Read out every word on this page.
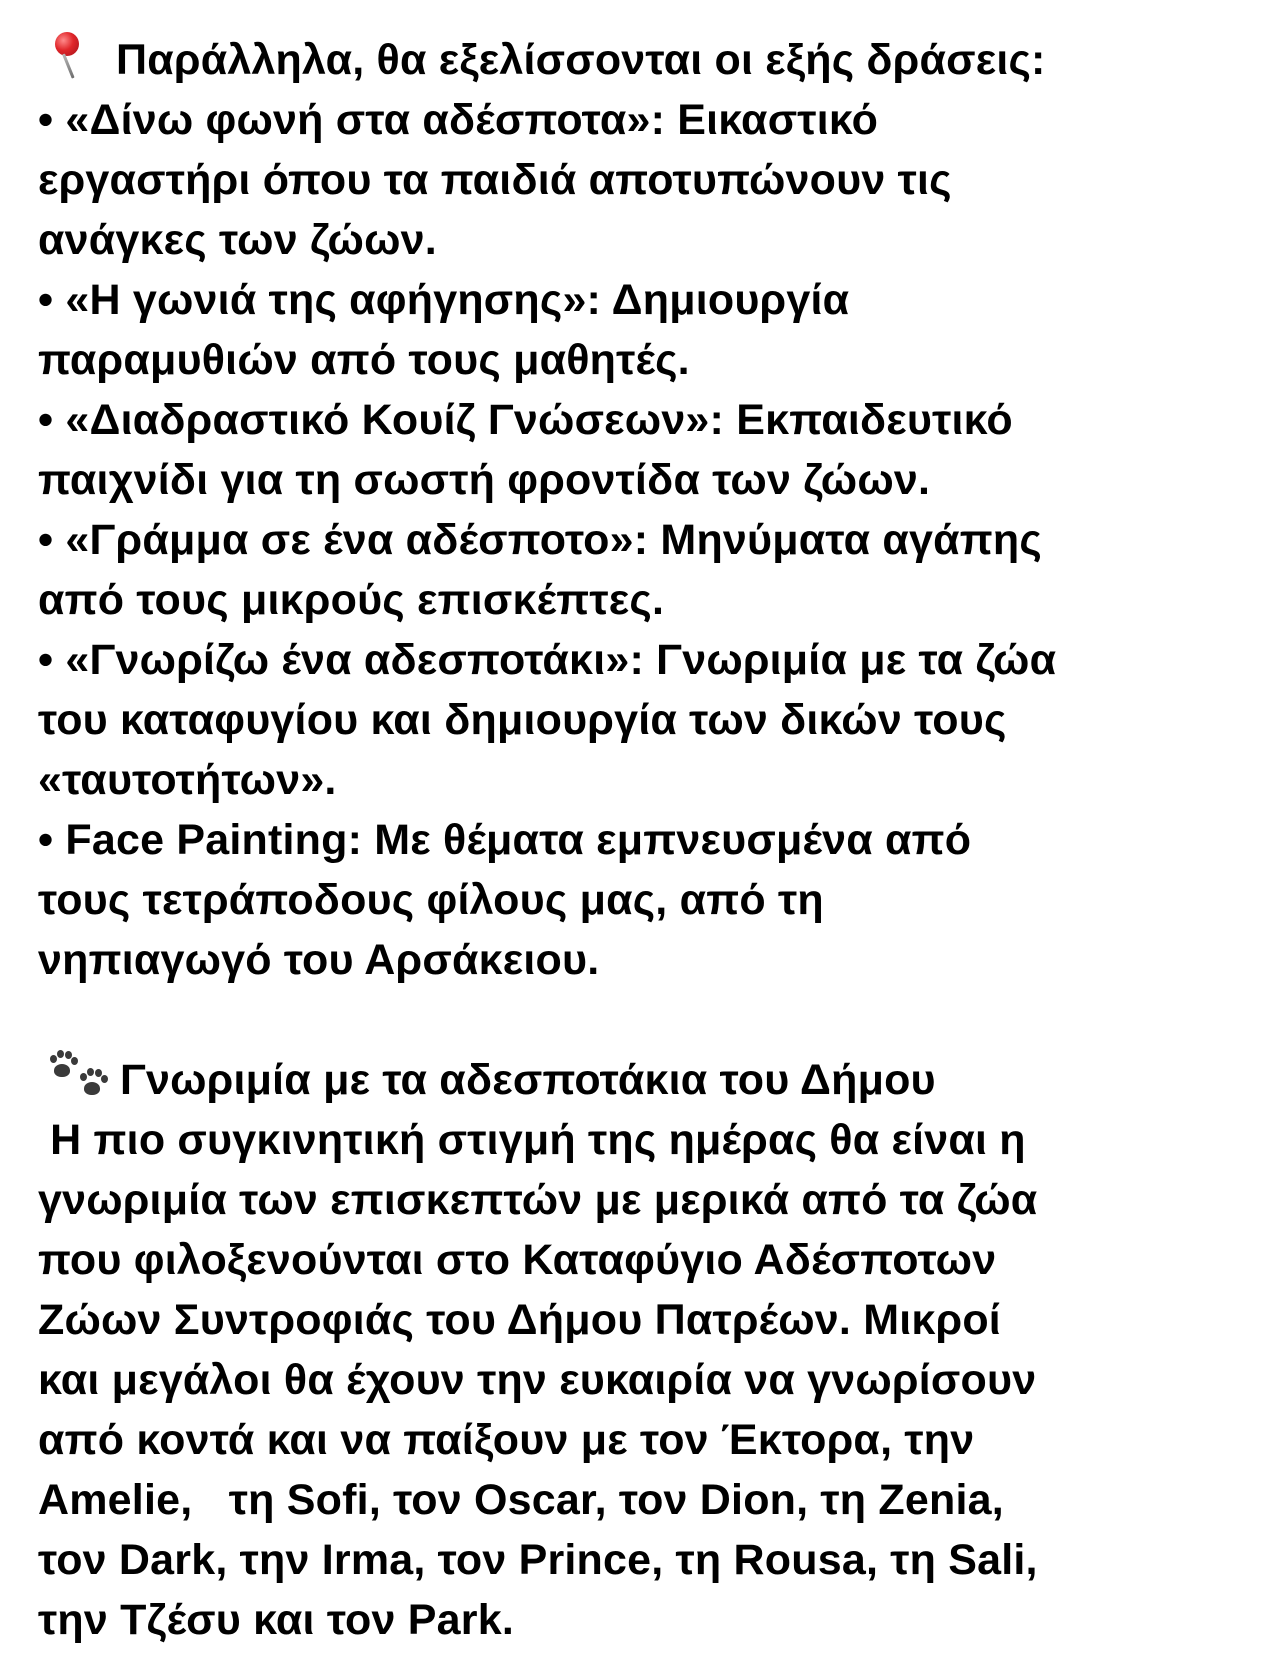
Παράλληλα, θα εξελίσσονται οι εξής δράσεις:
• «Δίνω φωνή στα αδέσποτα»: Εικαστικό
εργαστήρι όπου τα παιδιά αποτυπώνουν τις
ανάγκες των ζώων.
• «Η γωνιά της αφήγησης»: Δημιουργία
παραμυθιών από τους μαθητές.
• «Διαδραστικό Κουίζ Γνώσεων»: Εκπαιδευτικό
παιχνίδι για τη σωστή φροντίδα των ζώων.
• «Γράμμα σε ένα αδέσποτο»: Μηνύματα αγάπης
από τους μικρούς επισκέπτες.
• «Γνωρίζω ένα αδεσποτάκι»: Γνωριμία με τα ζώα
του καταφυγίου και δημιουργία των δικών τους
«ταυτοτήτων».
• Face Painting: Με θέματα εμπνευσμένα από
τους τετράποδους φίλους μας, από τη
νηπιαγωγό του Αρσάκειου.
Γνωριμία με τα αδεσποτάκια του Δήμου
Η πιο συγκινητική στιγμή της ημέρας θα είναι η
γνωριμία των επισκεπτών με μερικά από τα ζώα
που φιλοξενούνται στο Καταφύγιο Αδέσποτων
Ζώων Συντροφιάς του Δήμου Πατρέων. Μικροί
και μεγάλοι θα έχουν την ευκαιρία να γνωρίσουν
από κοντά και να παίξουν με τον Έκτορα, την
Amelie,   τη Sofi, τον Oscar, τον Dion, τη Zenia,
τον Dark, την Irma, τον Prince, τη Rousa, τη Sali,
την Τζέσυ και τον Park.
